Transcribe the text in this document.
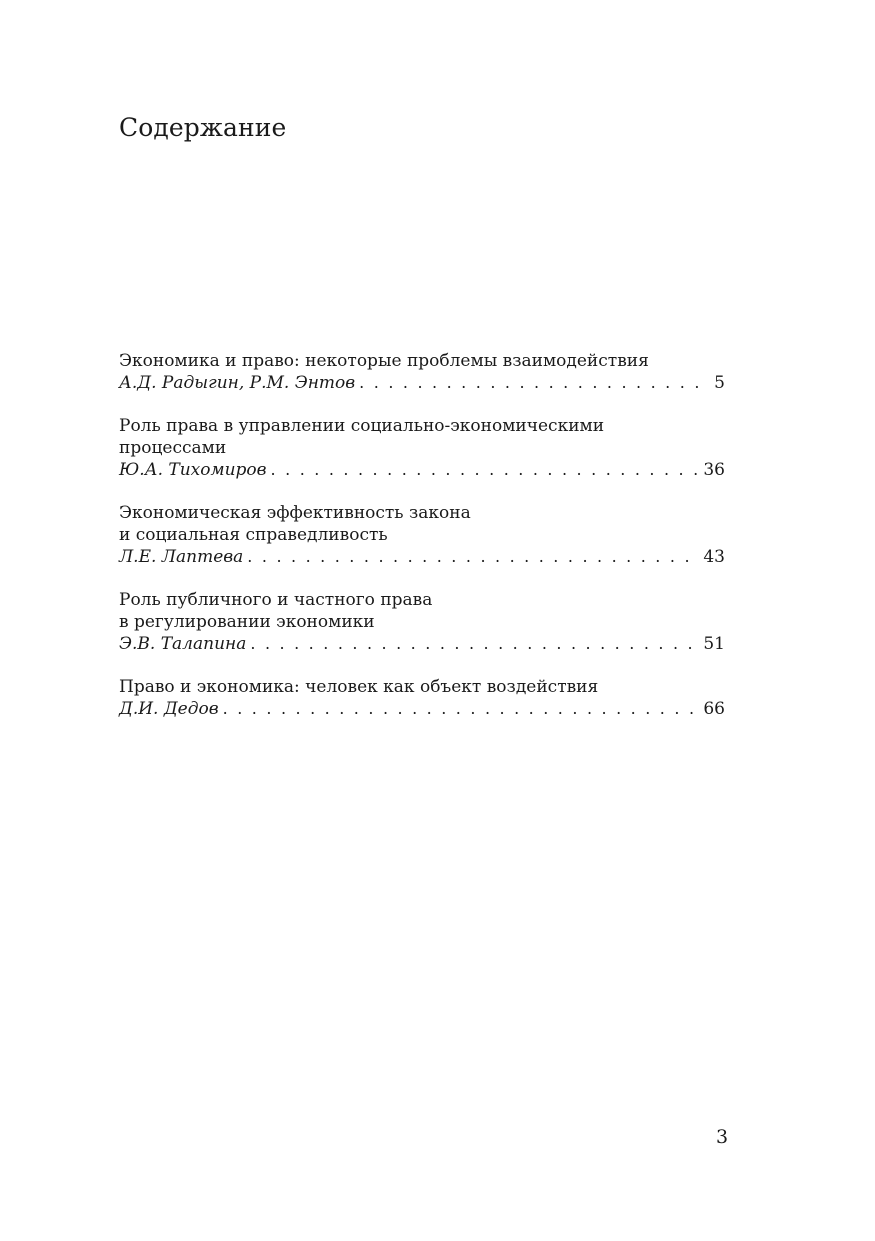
Содержание
Экономика и право: некоторые проблемы взаимодействия
А.Д. Радыгин, Р.М. Энтов . . .	5
Роль права в управлении социально-экономическими
процессами
Ю.А. Тихомиров . . .	36
Экономическая эффективность закона
и социальная справедливость
Л.Е. Лаптева . . .	43
Роль публичного и частного права
в регулировании экономики
Э.В. Талапина . . .	51
Право и экономика: человек как объект воздействия
Д.И. Дедов . . .	66
3
